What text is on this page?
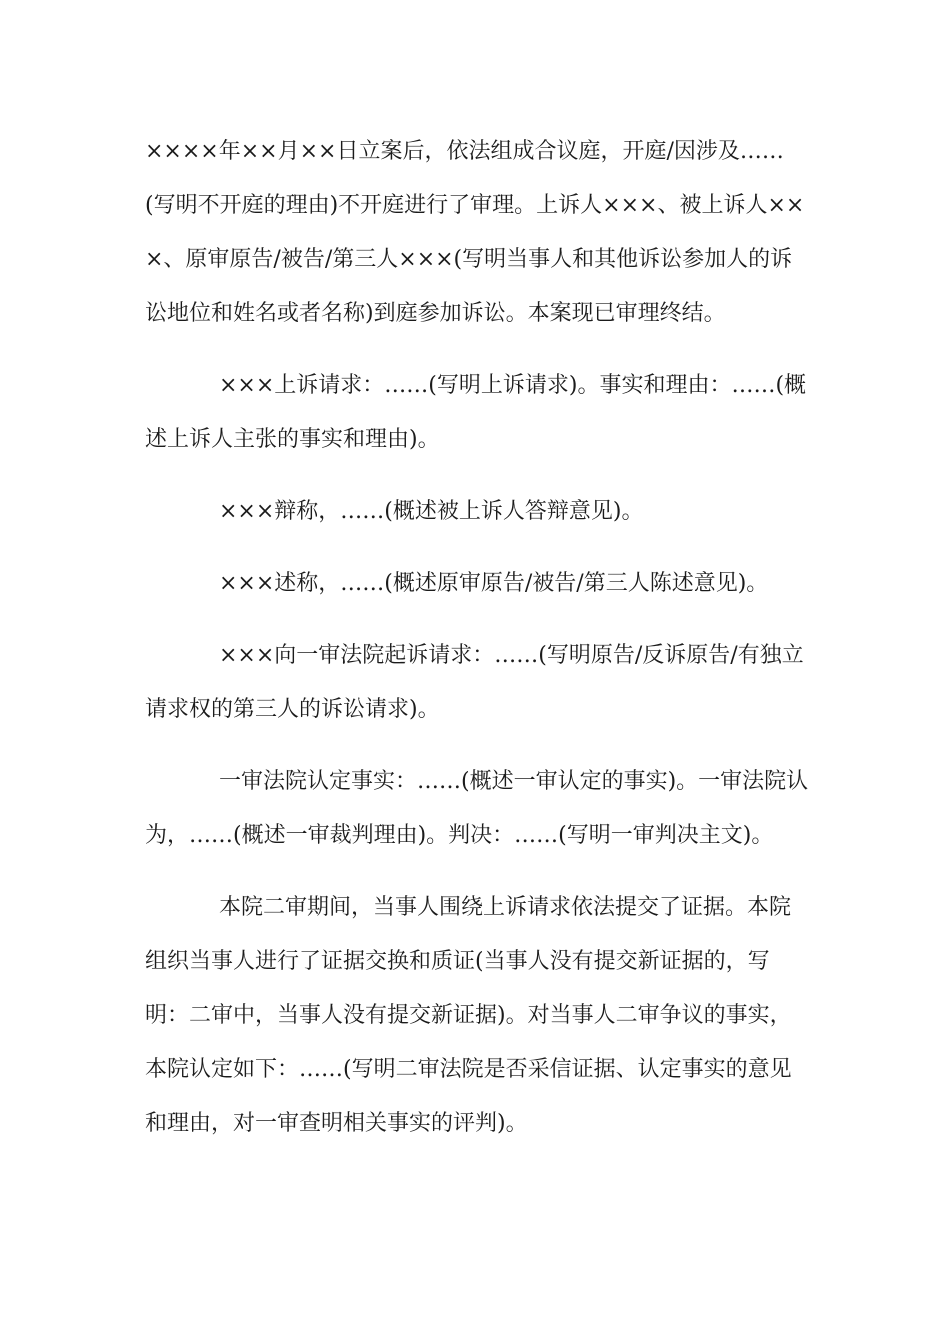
××××年××月××日立案后，依法组成合议庭，开庭/因涉及……(写明不开庭的理由)不开庭进行了审理。上诉人×××、被上诉人×××、原审原告/被告/第三人×××(写明当事人和其他诉讼参加人的诉讼地位和姓名或者名称)到庭参加诉讼。本案现已审理终结。

×××上诉请求：……(写明上诉请求)。事实和理由：……(概述上诉人主张的事实和理由)。

×××辩称，……(概述被上诉人答辩意见)。

×××述称，……(概述原审原告/被告/第三人陈述意见)。

×××向一审法院起诉请求：……(写明原告/反诉原告/有独立请求权的第三人的诉讼请求)。

一审法院认定事实：……(概述一审认定的事实)。一审法院认为，……(概述一审裁判理由)。判决：……(写明一审判决主文)。

本院二审期间，当事人围绕上诉请求依法提交了证据。本院组织当事人进行了证据交换和质证(当事人没有提交新证据的，写明：二审中，当事人没有提交新证据)。对当事人二审争议的事实，本院认定如下：……(写明二审法院是否采信证据、认定事实的意见和理由，对一审查明相关事实的评判)。
